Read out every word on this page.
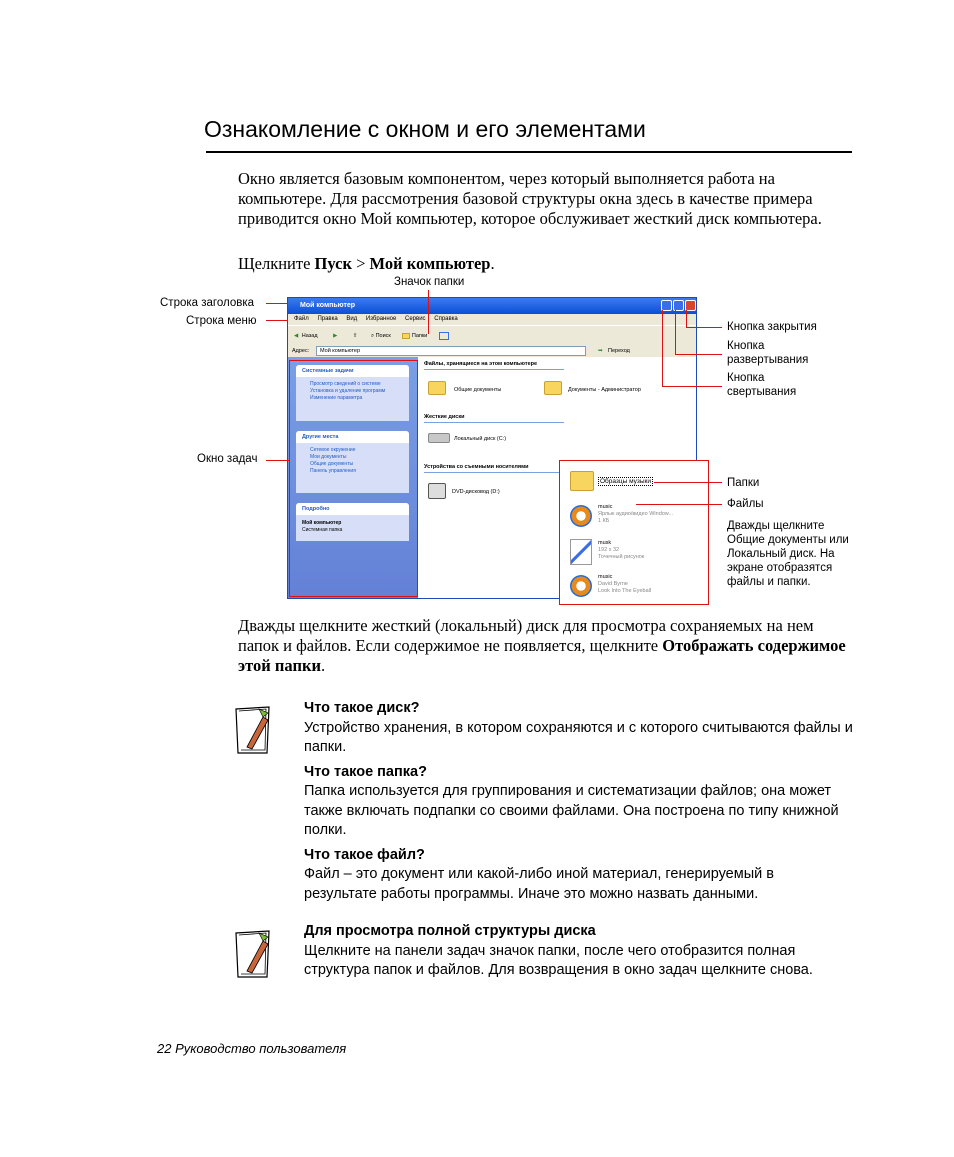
Ознакомление с окном и его элементами
Окно является базовым компонентом, через который выполняется работа на компьютере. Для рассмотрения базовой структуры окна здесь в качестве примера приводится окно Мой компьютер, которое обслуживает жесткий диск компьютера.
Щелкните Пуск > Мой компьютер.
Значок папки
Строка заголовка
Строка меню
Окно задач
Кнопка закрытия
Кнопка развертывания
Кнопка свертывания
Папки
Файлы
Дважды щелкните Общие документы или Локальный диск. На экране отобразятся файлы и папки.
Мой компьютер
Файл Правка Вид Избранное Сервис Справка
◀ Назад	▶	⇧ ⌕ Поиск	Папки
Адрес:	Мой компьютер	➡ Переход
Системные задачи
Просмотр сведений о системе
Установка и удаление программ
Изменение параметра
Другие места
Сетевое окружение
Мои документы
Общие документы
Панель управления
Подробно
Мой компьютер
Системная папка
Файлы, хранящиеся на этом компьютере
Общие документы	Документы - Администратор
Жесткие диски
Локальный диск (C:)
Устройства со съемными носителями
DVD-дисковод (D:)
Образцы музыки
music
Ярлык аудио/видео Window...
1 КБ
musk
192 x 32
Точечный рисунок
music
David Byrne
Look Into The Eyeball
Дважды щелкните жесткий (локальный) диск для просмотра сохраняемых на нем папок и файлов. Если содержимое не появляется, щелкните Отображать содержимое этой папки.
Что такое диск?
Устройство хранения, в котором сохраняются и с которого считываются файлы и папки.
Что такое папка?
Папка используется для группирования и систематизации файлов; она может также включать подпапки со своими файлами. Она построена по типу книжной полки.
Что такое файл?
Файл – это документ или какой-либо иной материал, генерируемый в результате работы программы. Иначе это можно назвать данными.
Для просмотра полной структуры диска
Щелкните на панели задач значок папки, после чего отобразится полная структура папок и файлов. Для возвращения в окно задач щелкните снова.
22 Руководство пользователя
